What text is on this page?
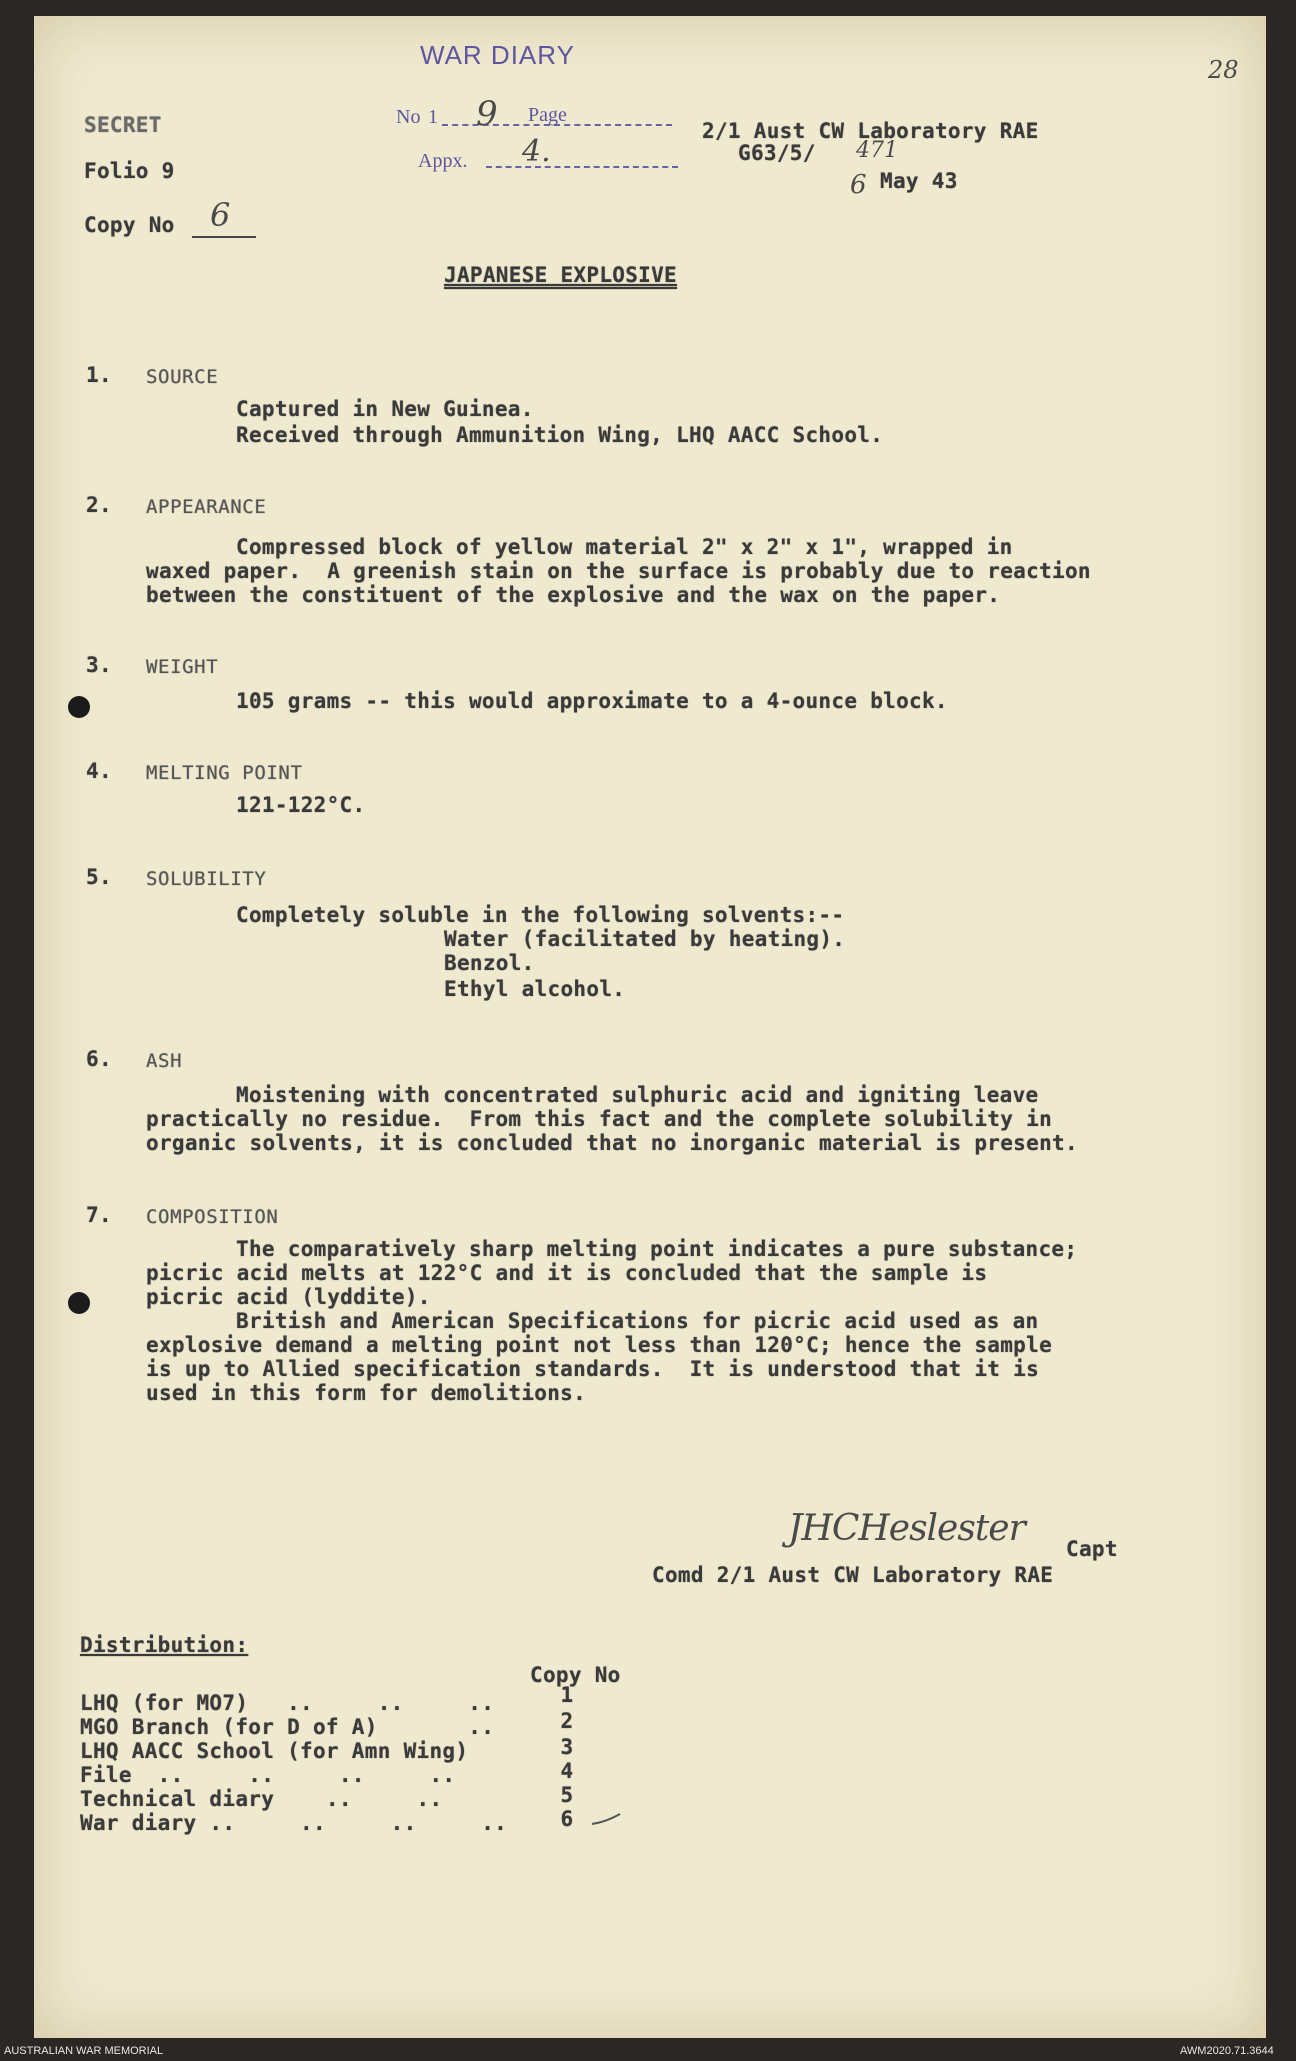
WAR DIARY
No 1 9 Page
Appx. 4.
28
SECRET
Folio 9
Copy No 6
2/1 Aust CW Laboratory RAE
G63/5/ 471
6 May 43
JAPANESE EXPLOSIVE
1. SOURCE
Captured in New Guinea.
Received through Ammunition Wing, LHQ AACC School.
2. APPEARANCE
Compressed block of yellow material 2" x 2" x 1", wrapped in
waxed paper.  A greenish stain on the surface is probably due to reaction
between the constituent of the explosive and the wax on the paper.
3. WEIGHT
105 grams -- this would approximate to a 4-ounce block.
4. MELTING POINT
121-122°C.
5. SOLUBILITY
Completely soluble in the following solvents:--
Water (facilitated by heating).
Benzol.
Ethyl alcohol.
6. ASH
Moistening with concentrated sulphuric acid and igniting leave
practically no residue.  From this fact and the complete solubility in
organic solvents, it is concluded that no inorganic material is present.
7. COMPOSITION
The comparatively sharp melting point indicates a pure substance;
picric acid melts at 122°C and it is concluded that the sample is
picric acid (lyddite).
British and American Specifications for picric acid used as an
explosive demand a melting point not less than 120°C; hence the sample
is up to Allied specification standards.  It is understood that it is
used in this form for demolitions.
JHCHeslester Capt
Comd 2/1 Aust CW Laboratory RAE
Distribution:
Copy No
LHQ (for MO7)   ..     ..     ..	1
MGO Branch (for D of A)       ..	2
LHQ AACC School (for Amn Wing)	3
File  ..     ..     ..     ..	4
Technical diary    ..     ..	5
War diary ..     ..     ..     ..	6
AUSTRALIAN WAR MEMORIAL	AWM2020.71.3644
